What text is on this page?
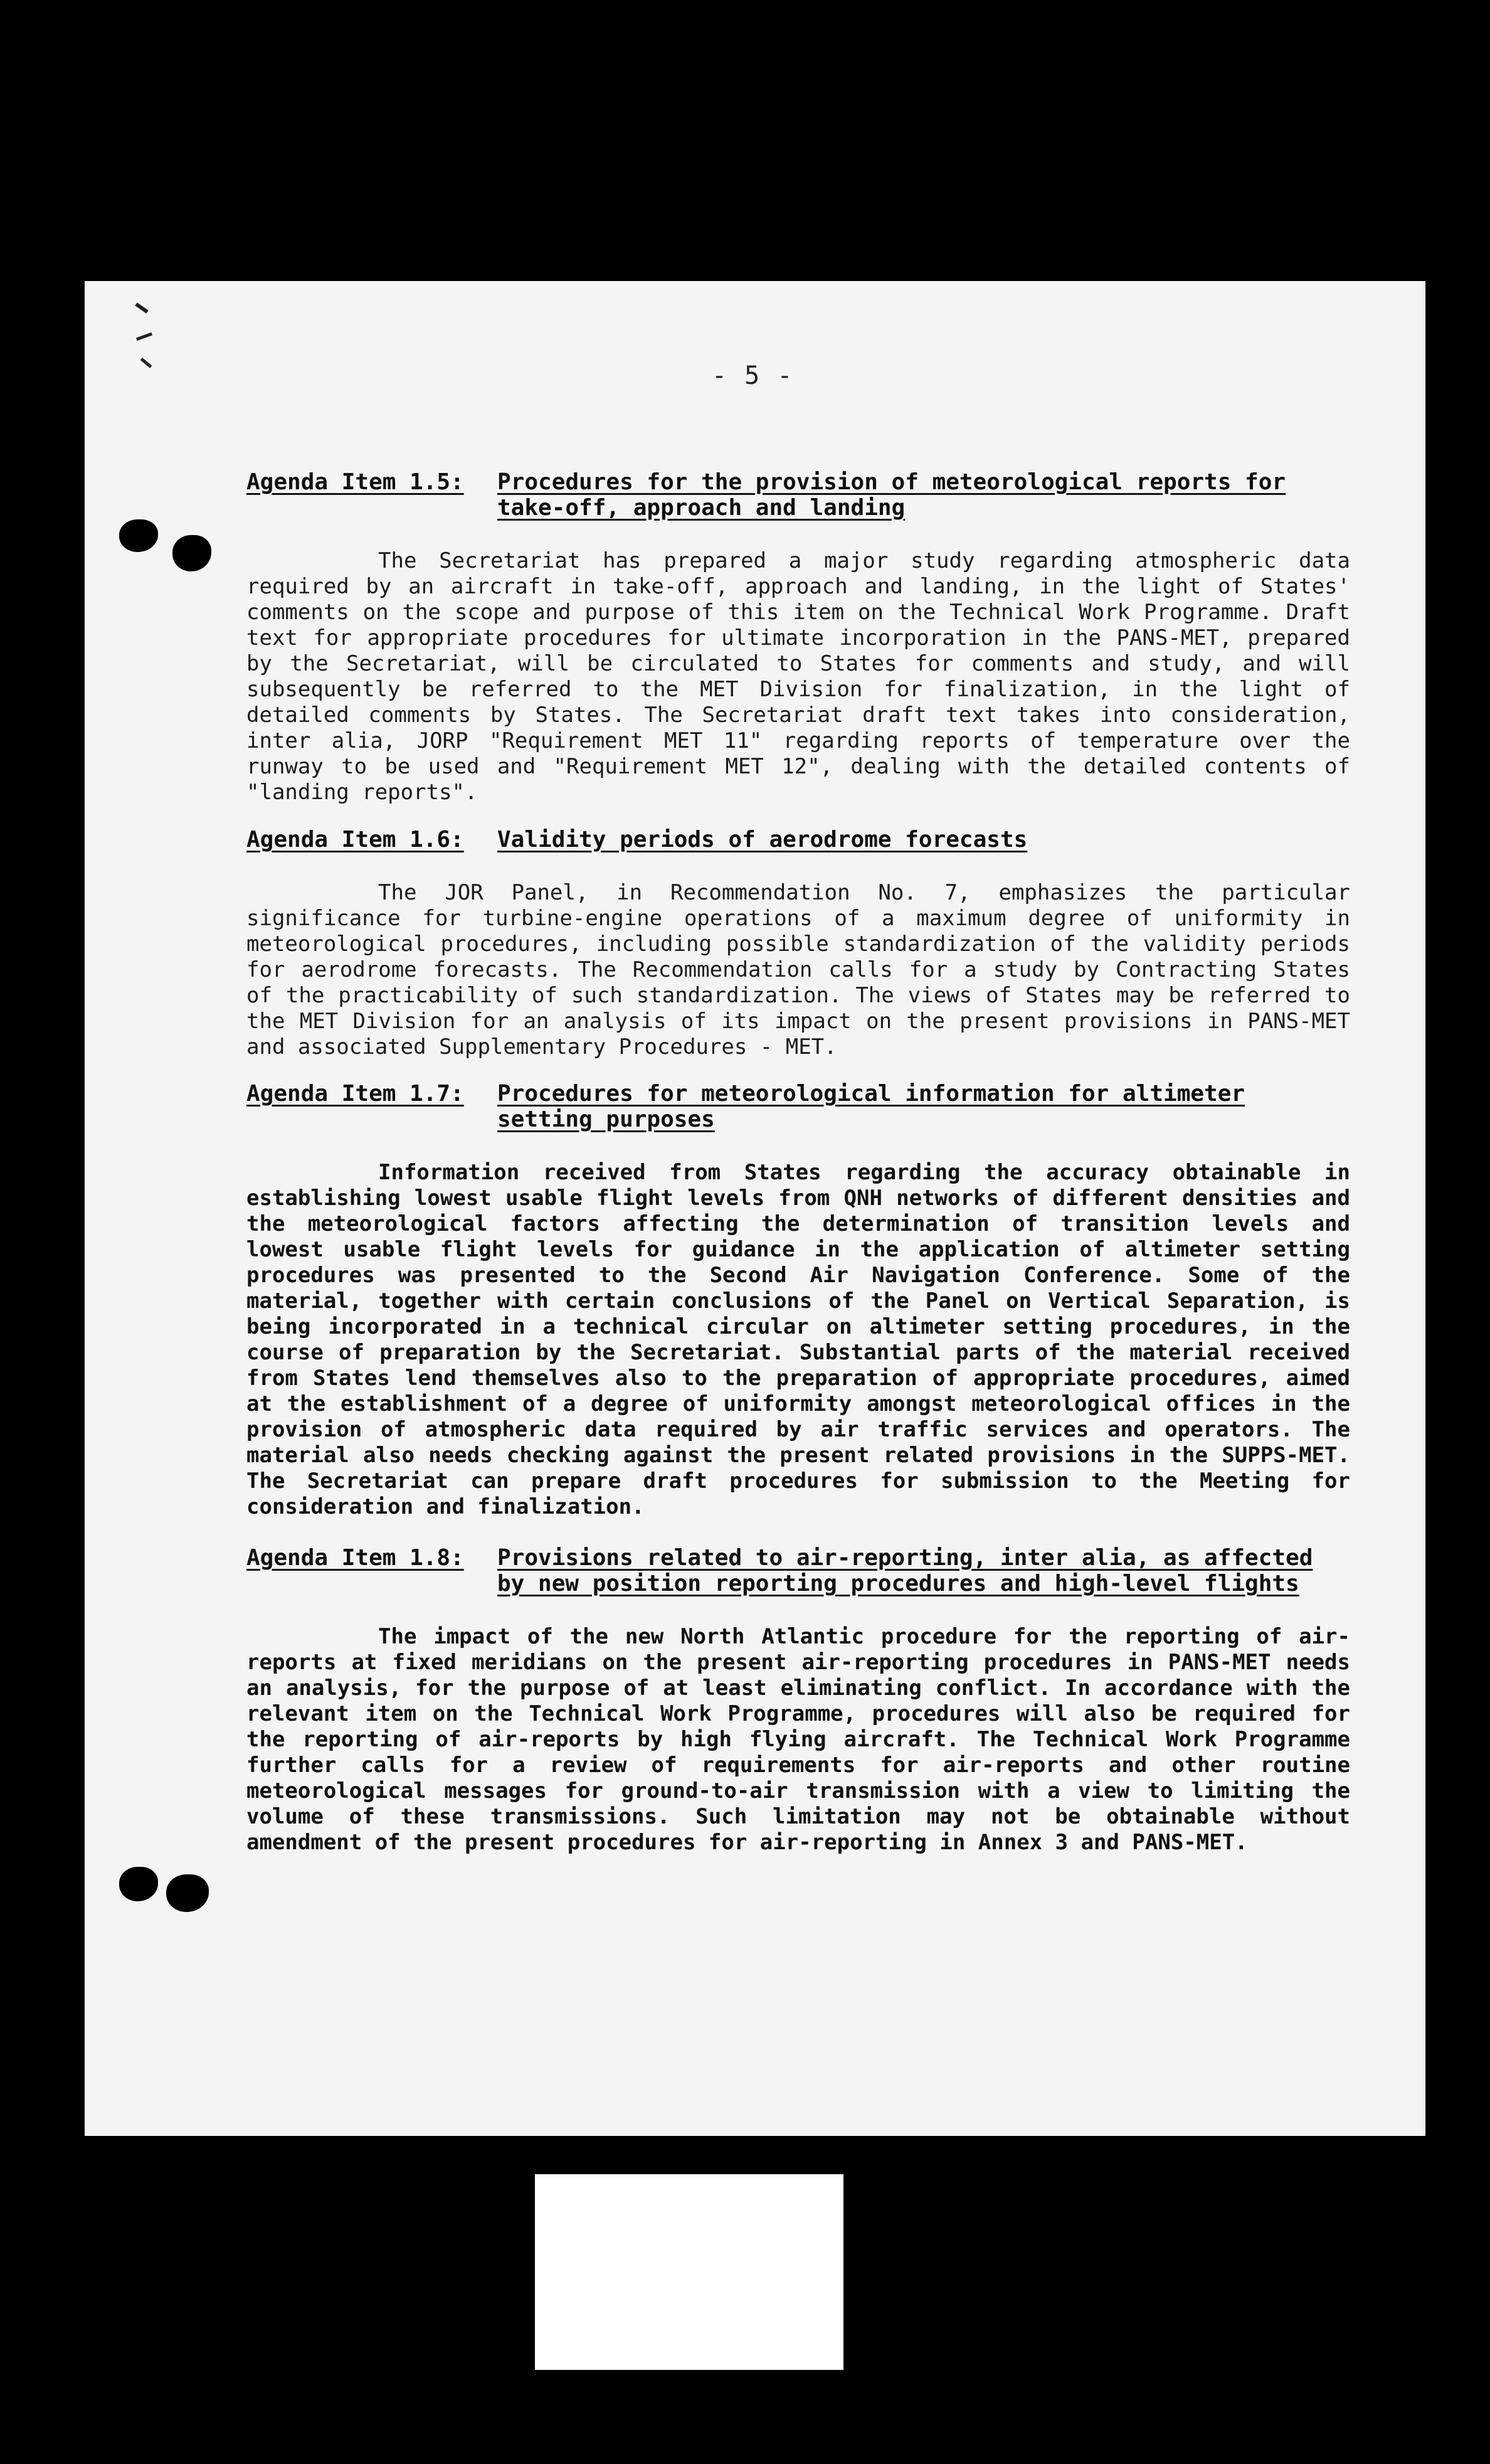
- 5 -
Agenda Item 1.5:	Procedures for the provision of meteorological reports for take-off, approach and landing
The Secretariat has prepared a major study regarding atmospheric data required by an aircraft in take-off, approach and landing, in the light of States' comments on the scope and purpose of this item on the Technical Work Programme. Draft text for appropriate procedures for ultimate incorporation in the PANS-MET, prepared by the Secretariat, will be circulated to States for comments and study, and will subsequently be referred to the MET Division for finalization, in the light of detailed comments by States. The Secretariat draft text takes into consideration, inter alia, JORP "Requirement MET 11" regarding reports of temperature over the runway to be used and "Requirement MET 12", dealing with the detailed contents of "landing reports".
Agenda Item 1.6:	Validity periods of aerodrome forecasts
The JOR Panel, in Recommendation No. 7, emphasizes the particular significance for turbine-engine operations of a maximum degree of uniformity in meteorological procedures, including possible standardization of the validity periods for aerodrome forecasts. The Recommendation calls for a study by Contracting States of the practicability of such standardization. The views of States may be referred to the MET Division for an analysis of its impact on the present provisions in PANS-MET and associated Supplementary Procedures - MET.
Agenda Item 1.7:	Procedures for meteorological information for altimeter setting purposes
Information received from States regarding the accuracy obtainable in establishing lowest usable flight levels from QNH networks of different densities and the meteorological factors affecting the determination of transition levels and lowest usable flight levels for guidance in the application of altimeter setting procedures was presented to the Second Air Navigation Conference. Some of the material, together with certain conclusions of the Panel on Vertical Separation, is being incorporated in a technical circular on altimeter setting procedures, in the course of preparation by the Secretariat. Substantial parts of the material received from States lend themselves also to the preparation of appropriate procedures, aimed at the establishment of a degree of uniformity amongst meteorological offices in the provision of atmospheric data required by air traffic services and operators. The material also needs checking against the present related provisions in the SUPPS-MET. The Secretariat can prepare draft procedures for submission to the Meeting for consideration and finalization.
Agenda Item 1.8:	Provisions related to air-reporting, inter alia, as affected by new position reporting procedures and high-level flights
The impact of the new North Atlantic procedure for the reporting of air-reports at fixed meridians on the present air-reporting procedures in PANS-MET needs an analysis, for the purpose of at least eliminating conflict. In accordance with the relevant item on the Technical Work Programme, procedures will also be required for the reporting of air-reports by high flying aircraft. The Technical Work Programme further calls for a review of requirements for air-reports and other routine meteorological messages for ground-to-air transmission with a view to limiting the volume of these transmissions. Such limitation may not be obtainable without amendment of the present procedures for air-reporting in Annex 3 and PANS-MET.
